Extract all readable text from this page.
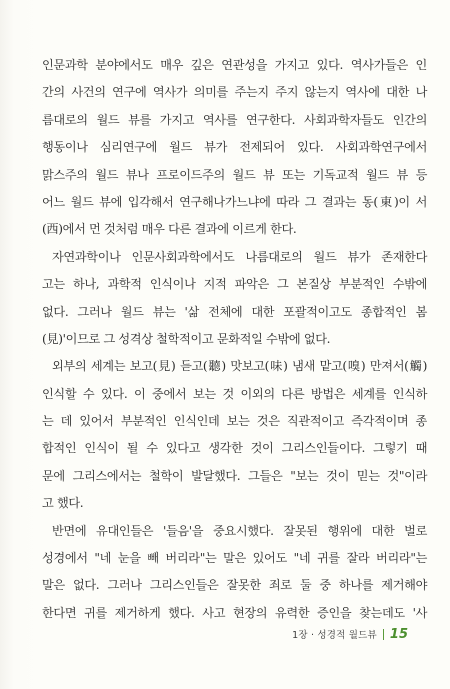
인문과학 분야에서도 매우 깊은 연관성을 가지고 있다. 역사가들은 인
간의 사건의 연구에 역사가 의미를 주는지 주지 않는지 역사에 대한 나
름대로의 월드 뷰를 가지고 역사를 연구한다. 사회과학자들도 인간의
행동이나 심리연구에 월드 뷰가 전제되어 있다. 사회과학연구에서
맑스주의 월드 뷰나 프로이드주의 월드 뷰 또는 기독교적 월드 뷰 등
어느 월드 뷰에 입각해서 연구해나가느냐에 따라 그 결과는 동(東)이 서
(西)에서 먼 것처럼 매우 다른 결과에 이르게 한다.
자연과학이나 인문사회과학에서도 나름대로의 월드 뷰가 존재한다
고는 하나, 과학적 인식이나 지적 파악은 그 본질상 부분적인 수밖에
없다. 그러나 월드 뷰는 '삶 전체에 대한 포괄적이고도 종합적인 봄
(見)'이므로 그 성격상 철학적이고 문화적일 수밖에 없다.
외부의 세계는 보고(見) 듣고(聽) 맛보고(味) 냄새 맡고(嗅) 만져서(觸)
인식할 수 있다. 이 중에서 보는 것 이외의 다른 방법은 세계를 인식하
는 데 있어서 부분적인 인식인데 보는 것은 직관적이고 즉각적이며 종
합적인 인식이 될 수 있다고 생각한 것이 그리스인들이다. 그렇기 때
문에 그리스에서는 철학이 발달했다. 그들은 "보는 것이 믿는 것"이라
고 했다.
반면에 유대인들은 '들음'을 중요시했다. 잘못된 행위에 대한 벌로
성경에서 "네 눈을 빼 버리라"는 말은 있어도 "네 귀를 잘라 버리라"는
말은 없다. 그러나 그리스인들은 잘못한 죄로 둘 중 하나를 제거해야
한다면 귀를 제거하게 했다. 사고 현장의 유력한 증인을 찾는데도 '사
1장 · 성경적 월드뷰 15
